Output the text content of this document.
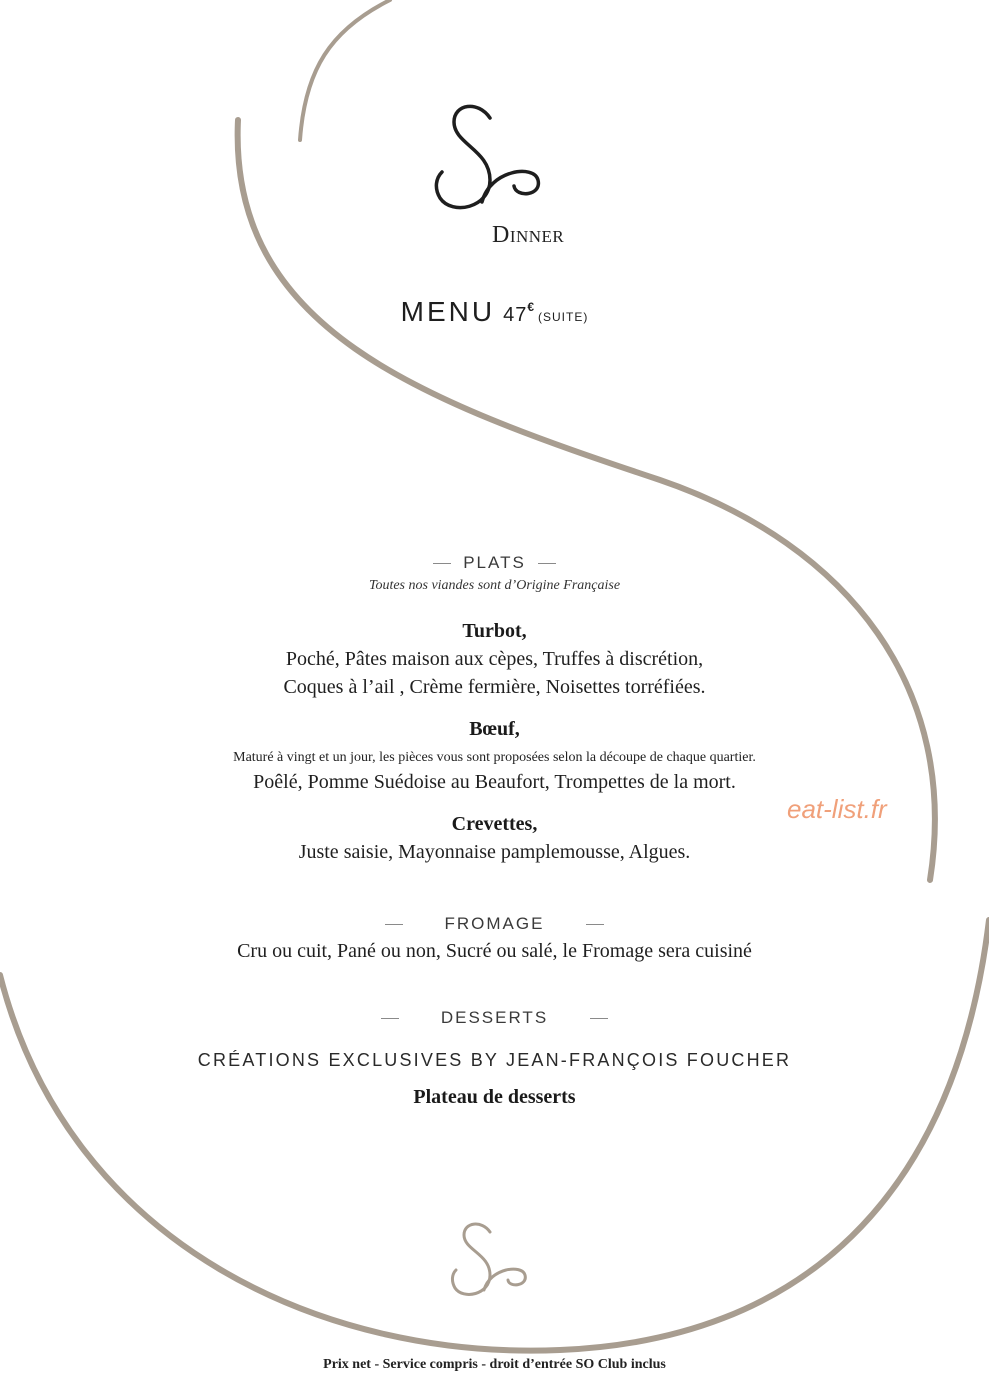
Dinner
MENU 47€(SUITE)
PLATS
Toutes nos viandes sont d’Origine Française
Turbot,
Poché, Pâtes maison aux cèpes, Truffes à discrétion,
Coques à l’ail , Crème fermière, Noisettes torréfiées.
Bœuf,
Maturé à vingt et un jour, les pièces vous sont proposées selon la découpe de chaque quartier.
Poêlé, Pomme Suédoise au Beaufort, Trompettes de la mort.
Crevettes,
Juste saisie, Mayonnaise pamplemousse, Algues.
FROMAGE
Cru ou cuit, Pané ou non, Sucré ou salé, le Fromage sera cuisiné
DESSERTS
CRÉATIONS EXCLUSIVES BY JEAN-FRANÇOIS FOUCHER
Plateau de desserts
eat-list.fr
Prix net - Service compris - droit d’entrée SO Club inclus
